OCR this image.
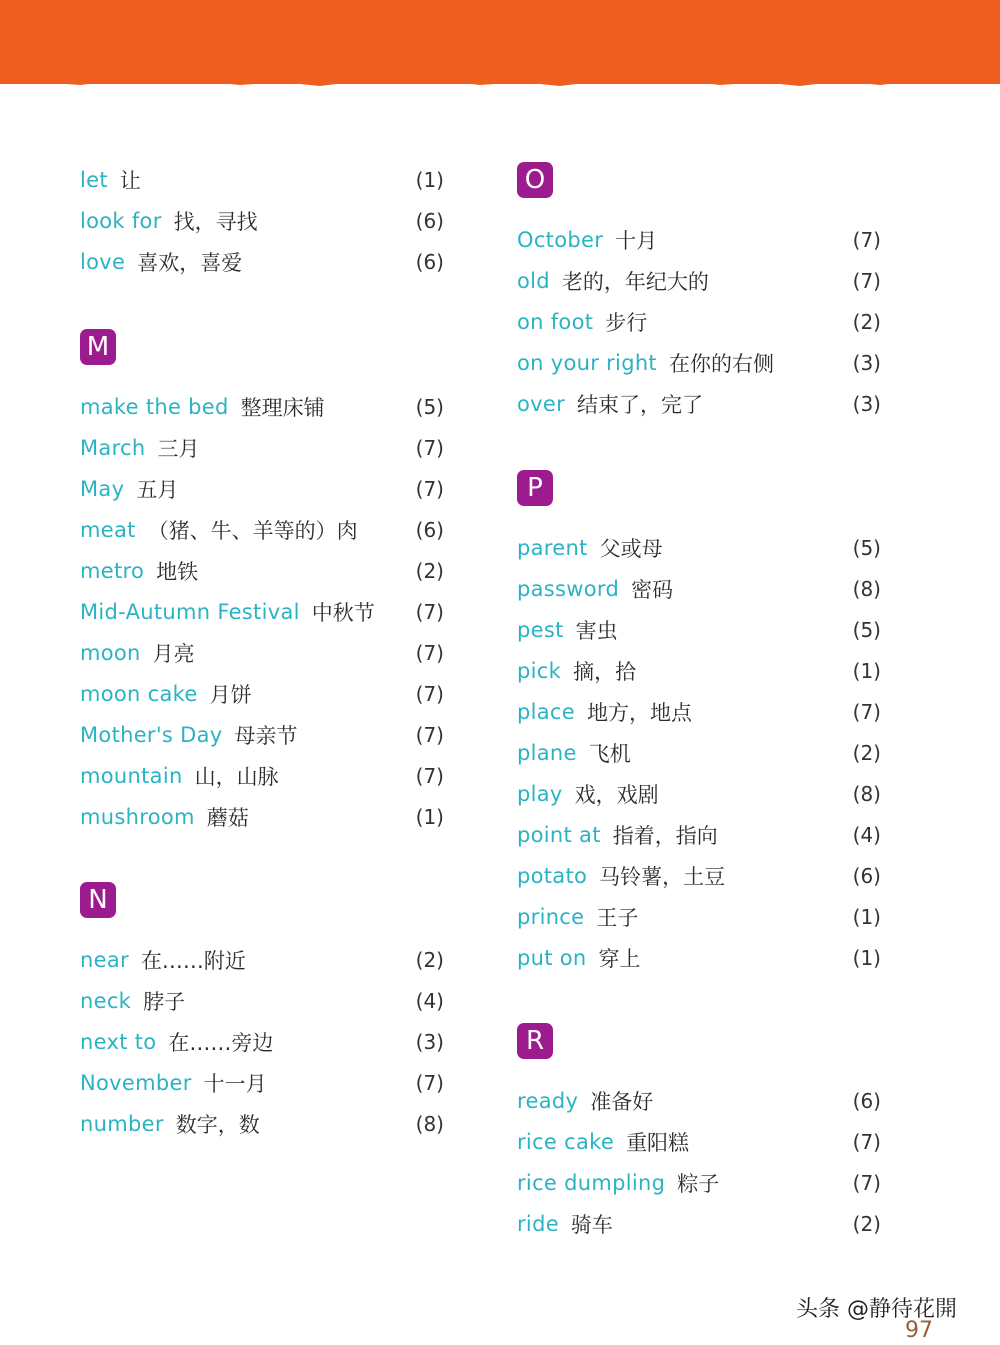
let 让	(1)
look for 找，寻找	(6)
love 喜欢，喜爱	(6)
M
make the bed 整理床铺	(5)
March 三月	(7)
May 五月	(7)
meat （猪、牛、羊等的）肉	(6)
metro 地铁	(2)
Mid-Autumn Festival 中秋节 (7)
moon 月亮	(7)
moon cake 月饼	(7)
Mother's Day 母亲节	(7)
mountain 山，山脉	(7)
mushroom 蘑菇	(1)
N
near 在……附近	(2)
neck 脖子	(4)
next to 在……旁边	(3)
November 十一月	(7)
number 数字，数	(8)
O
October 十月	(7)
old 老的，年纪大的	(7)
on foot 步行	(2)
on your right 在你的右侧	(3)
over 结束了，完了	(3)
P
parent 父或母	(5)
password 密码	(8)
pest 害虫	(5)
pick 摘，拾	(1)
place 地方，地点	(7)
plane 飞机	(2)
play 戏，戏剧	(8)
point at 指着，指向	(4)
potato 马铃薯，土豆	(6)
prince 王子	(1)
put on 穿上	(1)
R
ready 准备好	(6)
rice cake 重阳糕	(7)
rice dumpling 粽子	(7)
ride 骑车	(2)
97
头条 @静待花開
